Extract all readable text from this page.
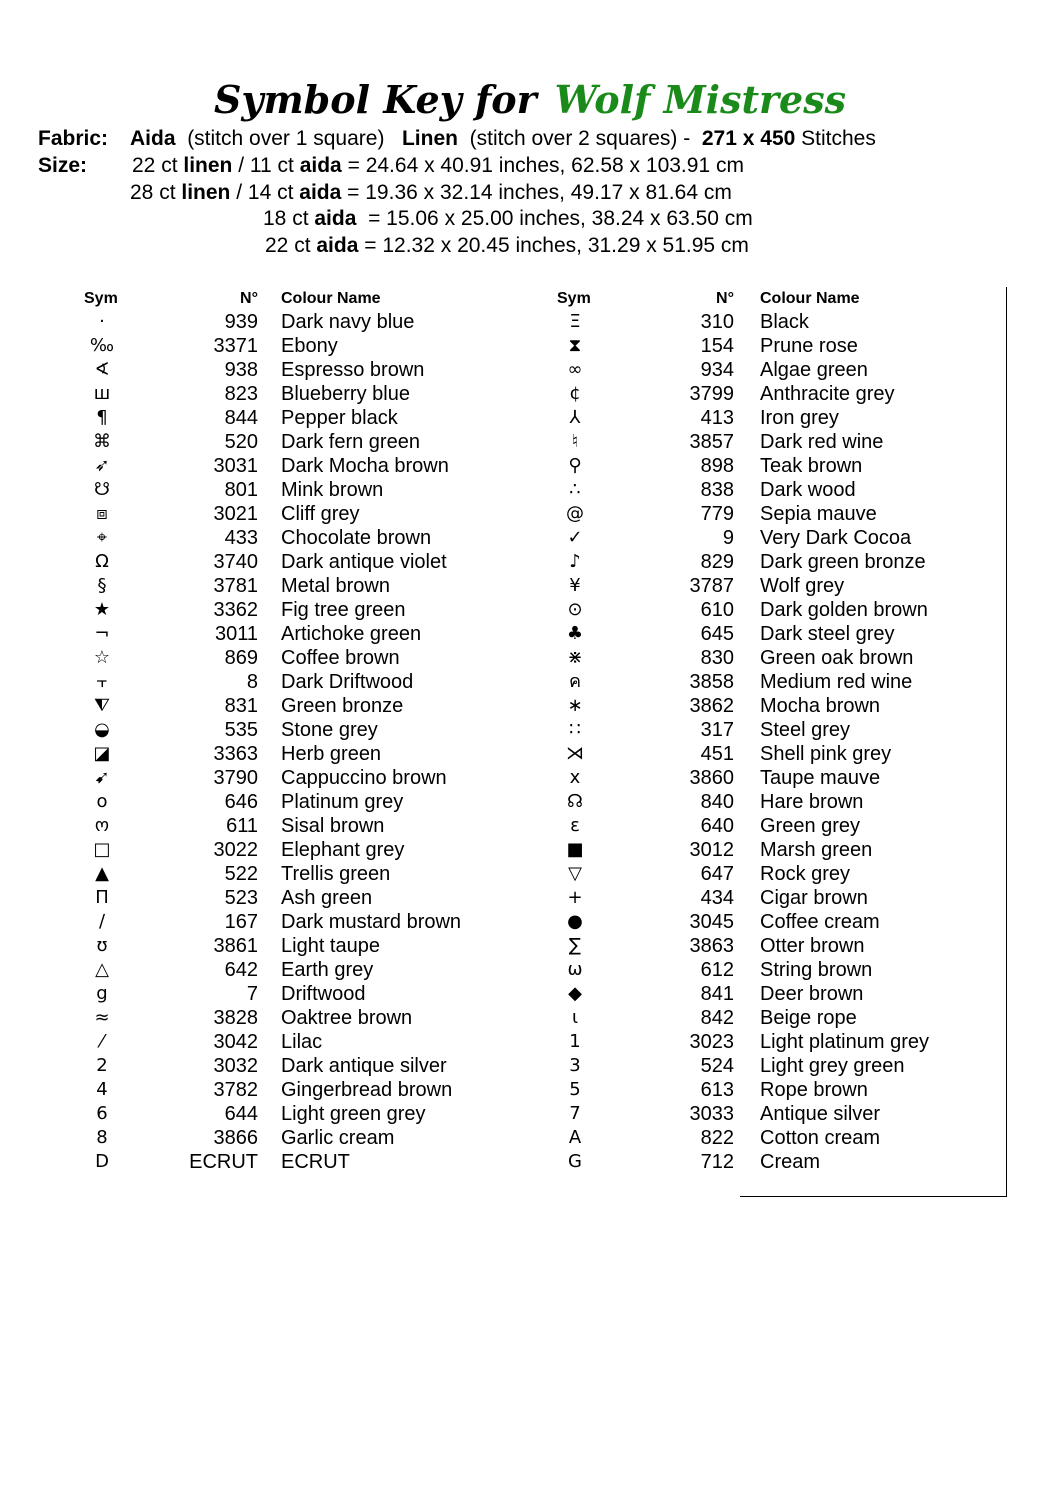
Symbol Key for Wolf Mistress
Fabric: Aida (stitch over 1 square) Linen (stitch over 2 squares) - 271 x 450 Stitches
Size: 22 ct linen / 11 ct aida = 24.64 x 40.91 inches, 62.58 x 103.91 cm
28 ct linen / 14 ct aida = 19.36 x 32.14 inches, 49.17 x 81.64 cm
18 ct aida  = 15.06 x 25.00 inches, 38.24 x 63.50 cm
22 ct aida = 12.32 x 20.45 inches, 31.29 x 51.95 cm
Sym	N° Colour Name
·	939 Dark navy blue
‰	3371 Ebony
∢	938 Espresso brown
ш	823 Blueberry blue
¶	844 Pepper black
⌘	520 Dark fern green
➶	3031 Dark Mocha brown
☋	801 Mink brown
⧈	3021 Cliff grey
⌖	433 Chocolate brown
Ω	3740 Dark antique violet
§	3781 Metal brown
★	3362 Fig tree green
¬	3011 Artichoke green
☆	869 Coffee brown
⫟	8 Dark Driftwood
⧨	831 Green bronze
◒	535 Stone grey
◪	3363 Herb green
➹	3790 Cappuccino brown
o	646 Platinum grey
ო	611 Sisal brown
□	3022 Elephant grey
▲	522 Trellis green
Π	523 Ash green
∕	167 Dark mustard brown
ʊ	3861 Light taupe
△	642 Earth grey
g	7 Driftwood
≈	3828 Oaktree brown
⁄	3042 Lilac
2	3032 Dark antique silver
4	3782 Gingerbread brown
6	644 Light green grey
8	3866 Garlic cream
D	ECRUT ECRUT
Sym	N° Colour Name
Ξ	310 Black
⧗	154 Prune rose
∞	934 Algae green
¢	3799 Anthracite grey
⅄	413 Iron grey
♮	3857 Dark red wine
⚲	898 Teak brown
∴	838 Dark wood
@	779 Sepia mauve
✓	9 Very Dark Cocoa
♪	829 Dark green bronze
¥	3787 Wolf grey
⊙	610 Dark golden brown
♣	645 Dark steel grey
⋇	830 Green oak brown
ค	3858 Medium red wine
∗	3862 Mocha brown
∷	317 Steel grey
⋊	451 Shell pink grey
x	3860 Taupe mauve
☊	840 Hare brown
ɛ	640 Green grey
■	3012 Marsh green
▽	647 Rock grey
+	434 Cigar brown
●	3045 Coffee cream
∑	3863 Otter brown
ω	612 String brown
◆	841 Deer brown
ɩ	842 Beige rope
1	3023 Light platinum grey
3	524 Light grey green
5	613 Rope brown
7	3033 Antique silver
A	822 Cotton cream
G	712 Cream
